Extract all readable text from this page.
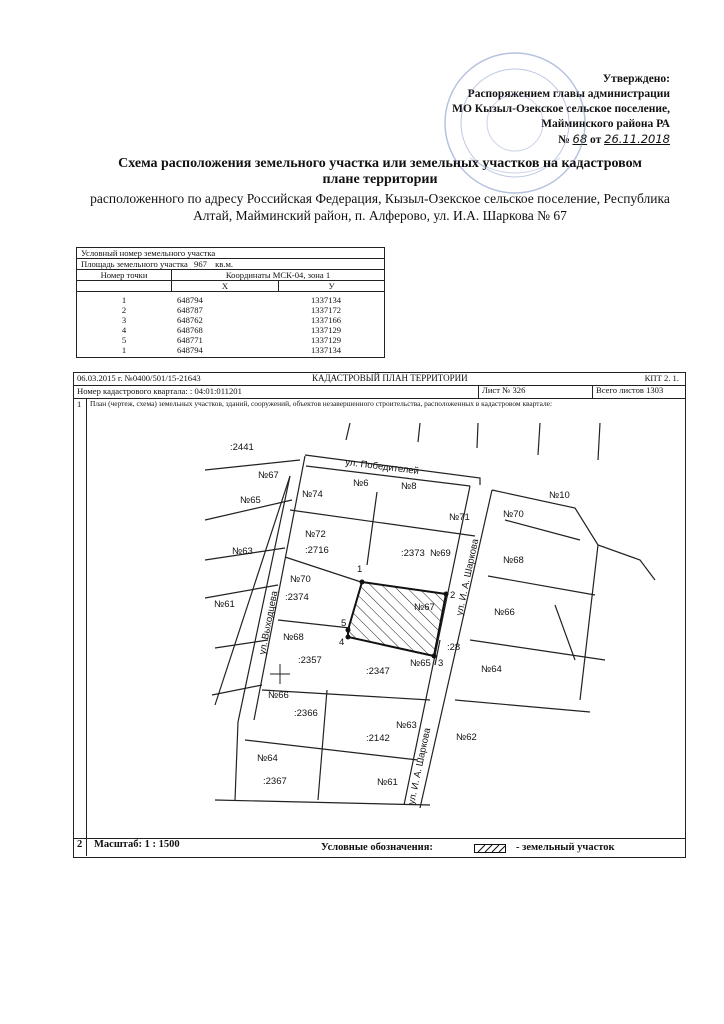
Утверждено:
Распоряжением главы администрации
МО Кызыл-Озекское сельское поселение,
Майминского района РА
№ 68 от 26.11.2018
Схема расположения земельного участка или земельных участков на кадастровом
плане территории
расположенного по адресу Российская Федерация, Кызыл-Озекское сельское поселение, Республика
Алтай, Майминский район, п. Алферово, ул. И.А. Шаркова № 67
Условный номер земельного участка
Площадь земельного участка 967 кв.м.
Номер точки	Координаты МСК-04, зона 1
X	У
1	648794	1337134
2	648787	1337172
3	648762	1337166
4	648768	1337129
5	648771	1337129
1	648794	1337134
06.03.2015 г. №0400/501/15-21643	КАДАСТРОВЫЙ ПЛАН ТЕРРИТОРИИ	КПТ 2. 1.
Номер кадастрового квартала: : 04:01:011201	Лист № 326	Всего листов 1303
1 План (чертеж, схема) земельных участков, зданий, сооружений, объектов незавершенного строительства, расположенных в кадастровом квартале:
2 Масштаб: 1 : 1500	Условные обозначения:	- земельный участок
:2441
№67
№65
№63
№61
№74
№6	№8
№10
№71	№70
№72
:2716	:2373 №69
№68
№70
:2374
№67	№66
№68
:2357
:2347
№65
:28
№64
№66
:2366
№63
:2142	№62
№64
:2367	№61
1
2
3
4
5
ул. Победителей
ул. Выходцева
ул. И. А. Шаркова
ул. И. А. Шаркова
